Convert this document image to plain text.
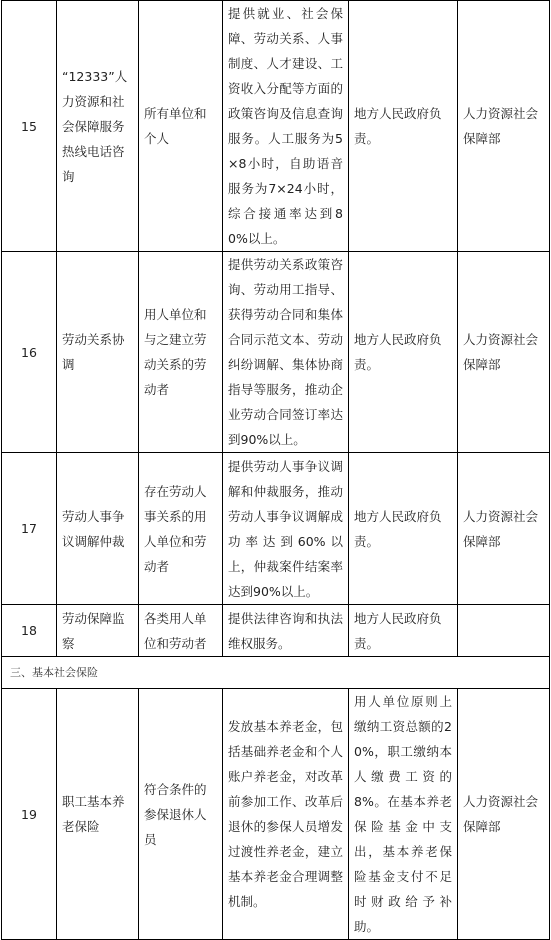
15	“12333”人力资源和社会保障服务热线电话咨询	所有单位和个人	提供就业、社会保障、劳动关系、人事制度、人才建设、工资收入分配等方面的政策咨询及信息查询服务。人工服务为5×8小时，自助语音服务为7×24小时，综合接通率达到80%以上。	地方人民政府负责。	人力资源社会保障部
16	劳动关系协调	用人单位和与之建立劳动关系的劳动者	提供劳动关系政策咨询、劳动用工指导、获得劳动合同和集体合同示范文本、劳动纠纷调解、集体协商指导等服务，推动企业劳动合同签订率达到90%以上。	地方人民政府负责。	人力资源社会保障部
17	劳动人事争议调解仲裁	存在劳动人事关系的用人单位和劳动者	提供劳动人事争议调解和仲裁服务，推动劳动人事争议调解成功率达到60%以上，仲裁案件结案率达到90%以上。	地方人民政府负责。	人力资源社会保障部
18	劳动保障监察	各类用人单位和劳动者	提供法律咨询和执法维权服务。	地方人民政府负责。	
三、基本社会保险					
19	职工基本养老保险	符合条件的参保退休人员	发放基本养老金，包括基础养老金和个人账户养老金，对改革前参加工作、改革后退休的参保人员增发过渡性养老金，建立基本养老金合理调整机制。	用人单位原则上缴纳工资总额的20%，职工缴纳本人缴费工资的8%。在基本养老保险基金中支出，基本养老保险基金支付不足时财政给予补助。	人力资源社会保障部
